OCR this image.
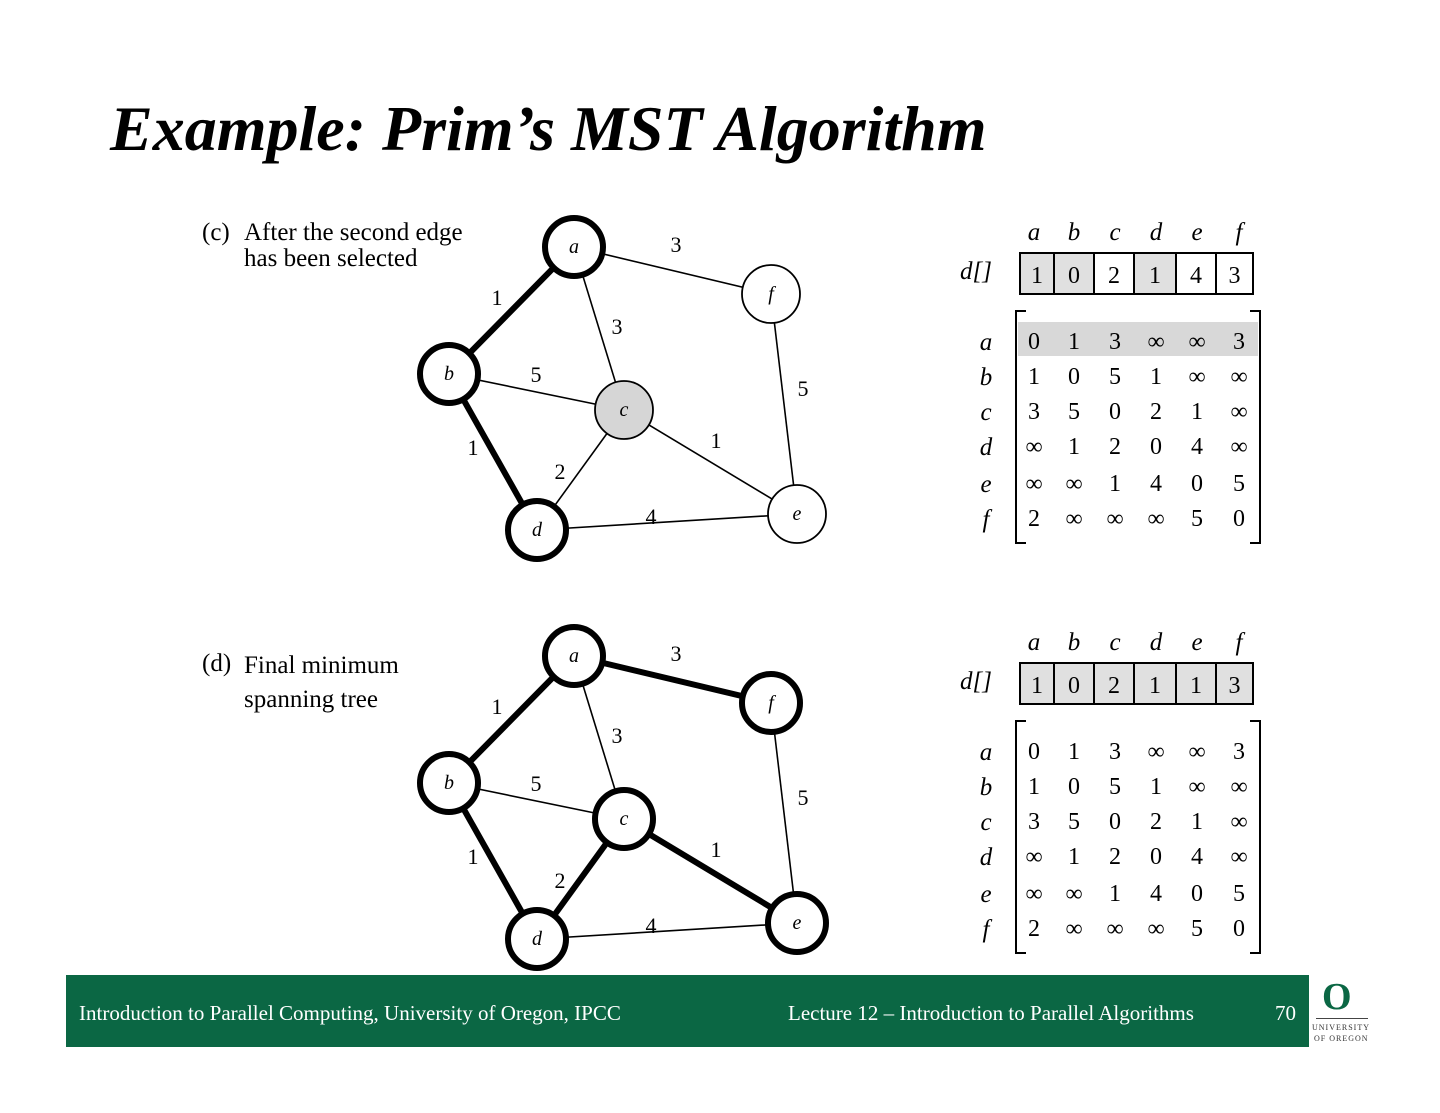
Example: Prim’s MST Algorithm
(c) After the second edge
has been selected
3
1
3
5
1
2
1
4
5
a
b
c
d
e
f
a b c d e f
d[] 1 0 2 1 4 3
a 0 1 3 ∞ ∞ 3
b 1 0 5 1 ∞ ∞
c 3 5 0 2 1 ∞
d ∞ 1 2 0 4 ∞
e ∞ ∞ 1 4 0 5
f 2 ∞ ∞ ∞ 5 0
(d) Final minimum
spanning tree
3
1
3
5
1
2
1
4
5
a
b
c
d
e
f
a b c d e f
d[] 1 0 2 1 1 3
a 0 1 3 ∞ ∞ 3
b 1 0 5 1 ∞ ∞
c 3 5 0 2 1 ∞
d ∞ 1 2 0 4 ∞
e ∞ ∞ 1 4 0 5
f 2 ∞ ∞ ∞ 5 0
Introduction to Parallel Computing, University of Oregon, IPCC	Lecture 12 – Introduction to Parallel Algorithms	70 O
UNIVERSITY
OF OREGON
